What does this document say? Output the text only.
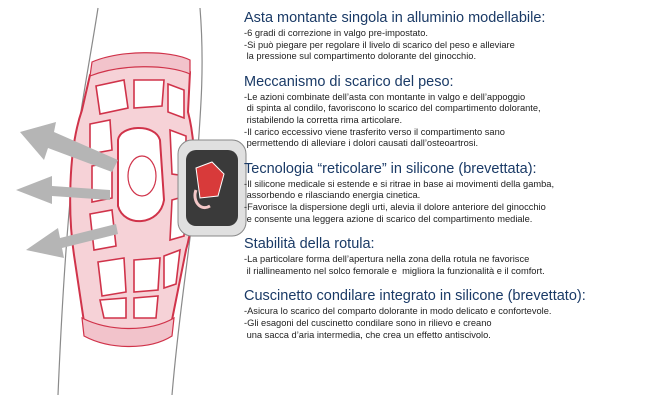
Asta montante singola in alluminio modellabile:

-6 gradi di correzione in valgo pre-impostato.

-Si può piegare per regolare il livelo di scarico del peso e alleviare

la pressione sul compartimento dolorante del ginocchio.

Meccanismo di scarico del peso:

-Le azioni combinate dell’asta con montante in valgo e dell’appoggio

di spinta al condilo, favoriscono lo scarico del compartimento dolorante,

ristabilendo la corretta rima articolare.

-Il carico eccessivo viene trasferito verso il compartimento sano

permettendo di alleviare i dolori causati dall’osteoartrosi.

Tecnologia “reticolare” in silicone (brevettata):

-Il silicone medicale si estende e si ritrae in base ai movimenti della gamba,

assorbendo e rilasciando energia cinetica.

-Favorisce la dispersione degli urti, alevia il dolore anteriore del ginocchio

e consente una leggera azione di scarico del compartimento mediale.

Stabilità della rotula:

-La particolare forma dell’apertura nella zona della rotula ne favorisce

il riallineamento nel solco femorale e  migliora la funzionalità e il comfort.

Cuscinetto condilare integrato in silicone (brevettato):

-Asicura lo scarico del comparto dolorante in modo delicato e confortevole.

-Gli esagoni del cuscinetto condilare sono in rilievo e creano

una sacca d’aria intermedia, che crea un effetto antiscivolo.
